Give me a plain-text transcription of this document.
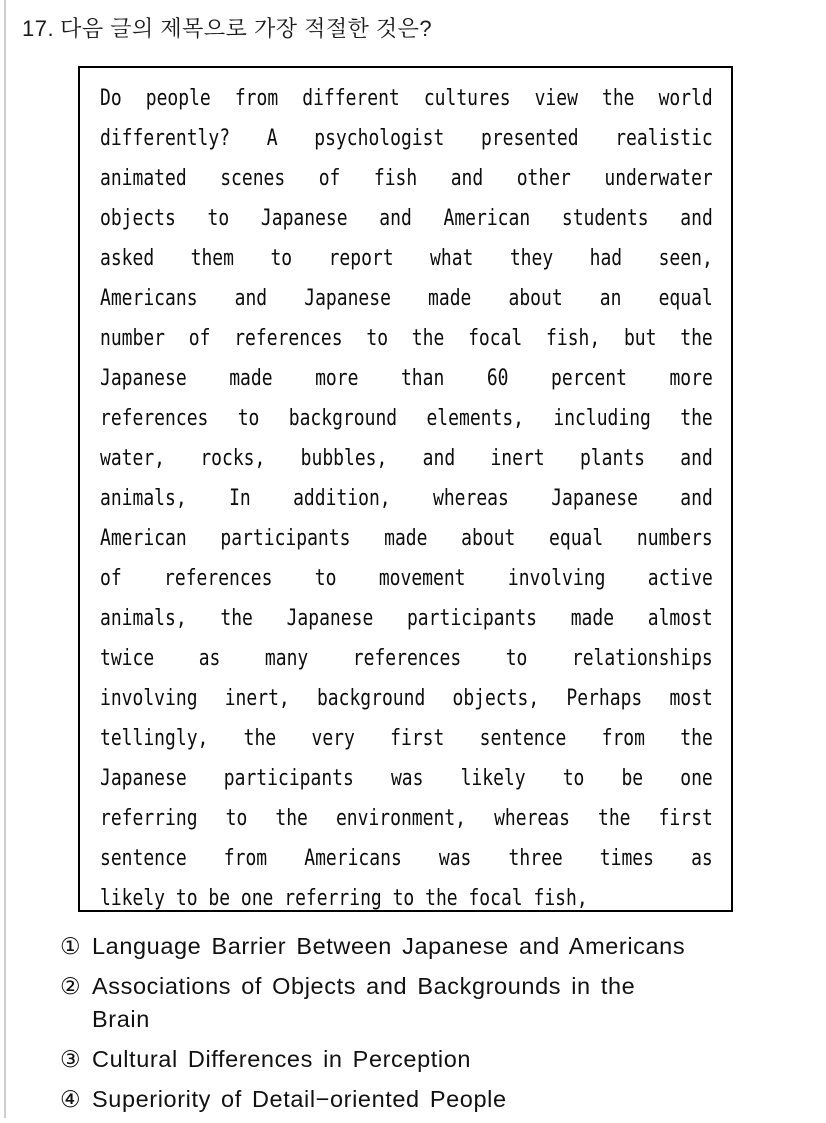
17. 다음 글의 제목으로 가장 적절한 것은?
Do people from different cultures view the world
differently? A psychologist presented realistic
animated scenes of fish and other underwater
objects to Japanese and American students and
asked them to report what they had seen,
Americans and Japanese made about an equal
number of references to the focal fish, but the
Japanese made more than 60 percent more
references to background elements, including the
water, rocks, bubbles, and inert plants and
animals, In addition, whereas Japanese and
American participants made about equal numbers
of references to movement involving active
animals, the Japanese participants made almost
twice as many references to relationships
involving inert, background objects, Perhaps most
tellingly, the very first sentence from the
Japanese participants was likely to be one
referring to the environment, whereas the first
sentence from Americans was three times as
likely to be one referring to the focal fish,
① Language Barrier Between Japanese and Americans
② Associations of Objects and Backgrounds in the
Brain
③ Cultural Differences in Perception
④ Superiority of Detail−oriented People
